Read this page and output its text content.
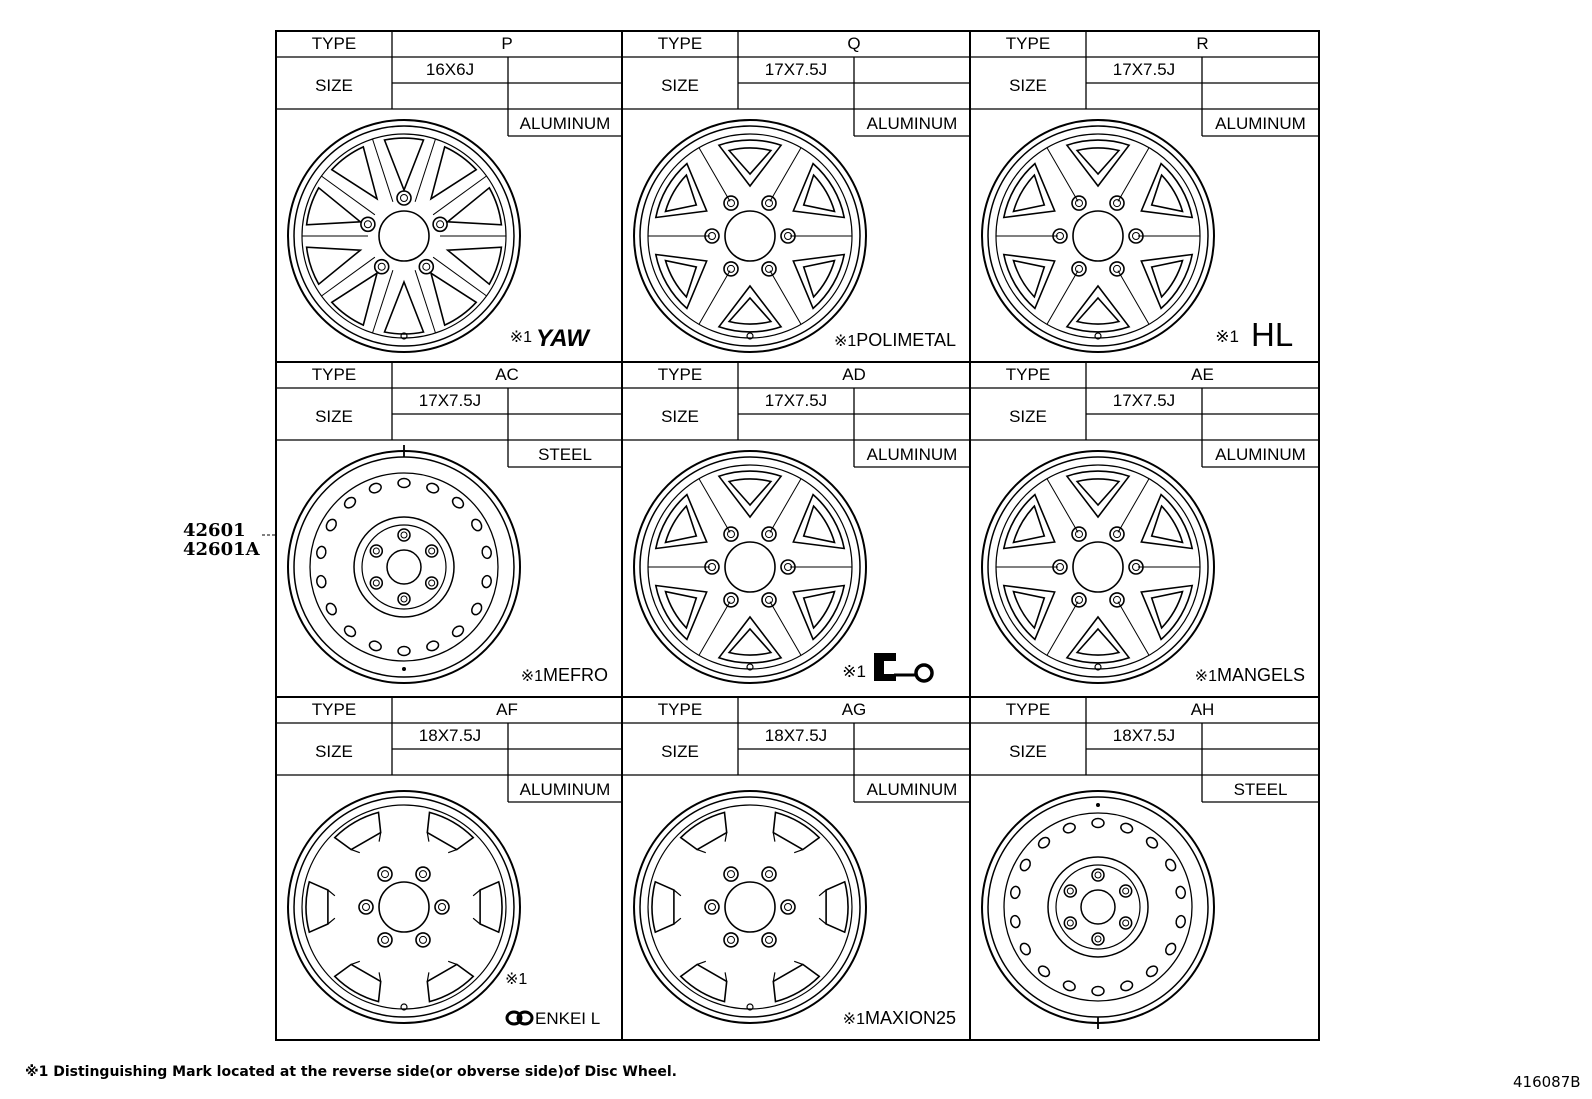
TYPE	P
SIZE
16X6J
ALUMINUM
※1 YAW
TYPE	Q
SIZE
17X7.5J
ALUMINUM
※1POLIMETAL
TYPE	R
SIZE
17X7.5J
ALUMINUM
※1 HL
TYPE	AC
SIZE
17X7.5J
STEEL
※1MEFRO
TYPE	AD
SIZE
17X7.5J
ALUMINUM
※1
TYPE	AE
SIZE
17X7.5J
ALUMINUM
※1MANGELS
TYPE	AF
SIZE
18X7.5J
ALUMINUM
※1
ENKEI L
TYPE	AG
SIZE
18X7.5J
ALUMINUM
※1MAXION25
TYPE	AH
SIZE
18X7.5J
STEEL
42601
42601A
※1 Distinguishing Mark located at the reverse side(or obverse side)of Disc Wheel.
416087B
